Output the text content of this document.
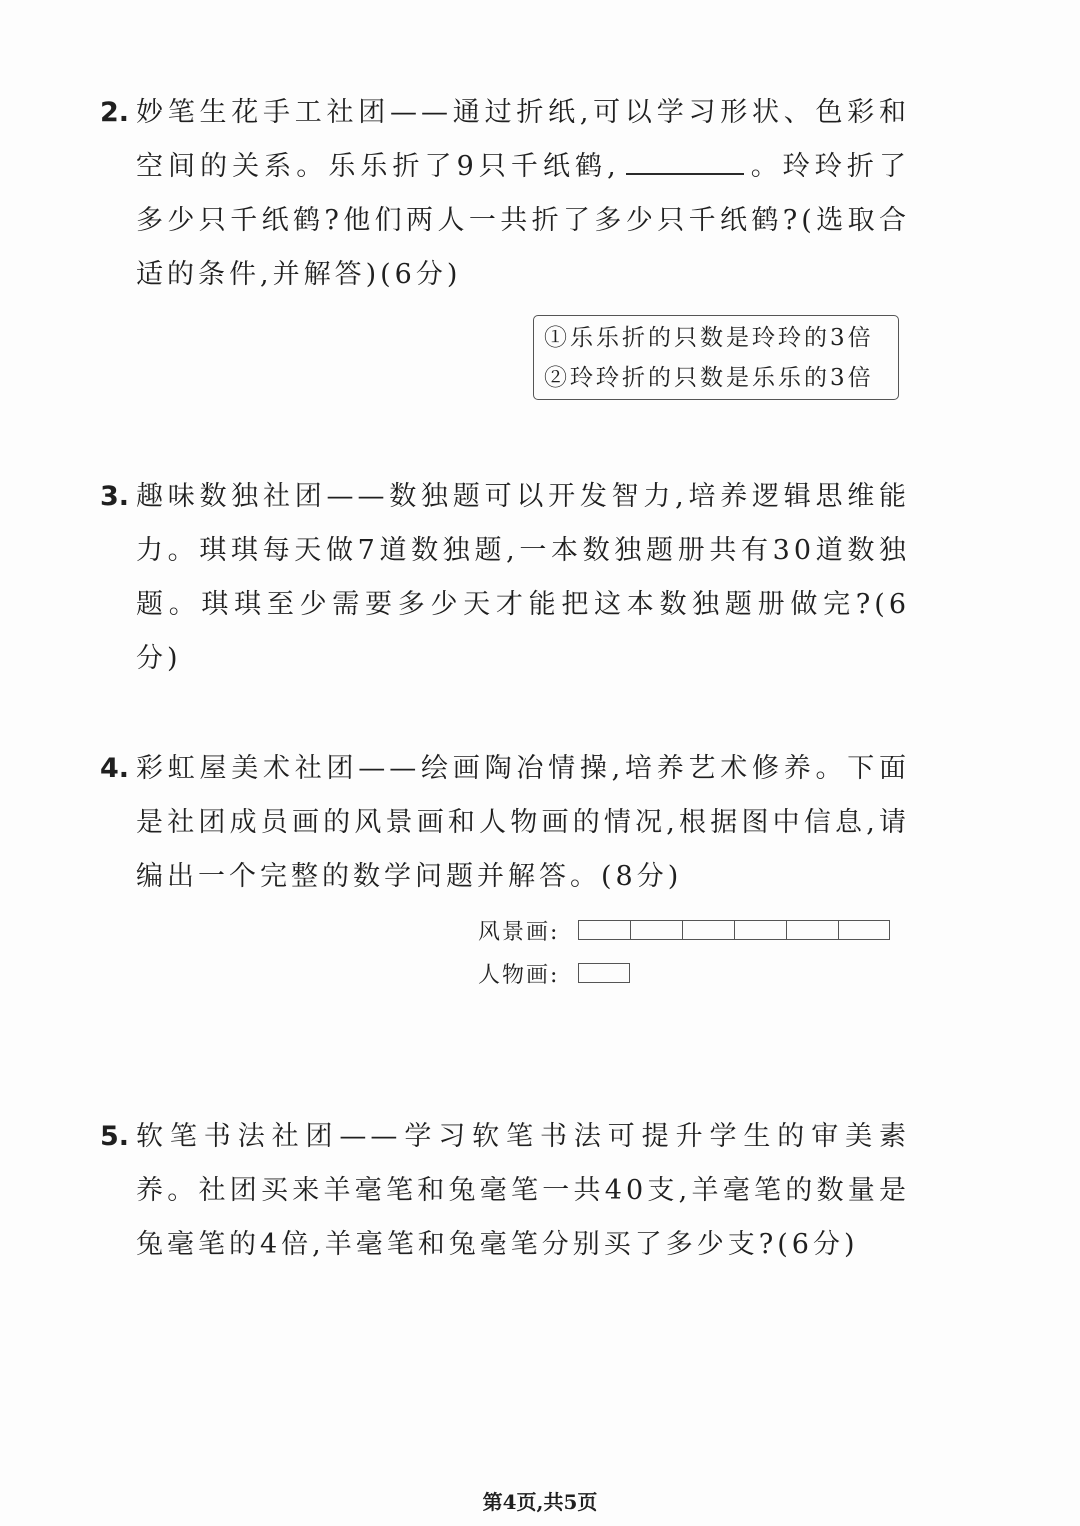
2. 妙笔生花手工社团——通过折纸,可以学习形状、色彩和空间的关系。乐乐折了9只千纸鹤,	。玲玲折了多少只千纸鹤?他们两人一共折了多少只千纸鹤?(选取合适的条件,并解答)(6分)
①乐乐折的只数是玲玲的3倍
②玲玲折的只数是乐乐的3倍
3. 趣味数独社团——数独题可以开发智力,培养逻辑思维能力。琪琪每天做7道数独题,一本数独题册共有30道数独题。琪琪至少需要多少天才能把这本数独题册做完?(6分)
4. 彩虹屋美术社团——绘画陶冶情操,培养艺术修养。下面是社团成员画的风景画和人物画的情况,根据图中信息,请编出一个完整的数学问题并解答。(8分)
风景画:
人物画:
5. 软笔书法社团——学习软笔书法可提升学生的审美素养。社团买来羊毫笔和兔毫笔一共40支,羊毫笔的数量是兔毫笔的4倍,羊毫笔和兔毫笔分别买了多少支?(6分)
第4页,共5页
